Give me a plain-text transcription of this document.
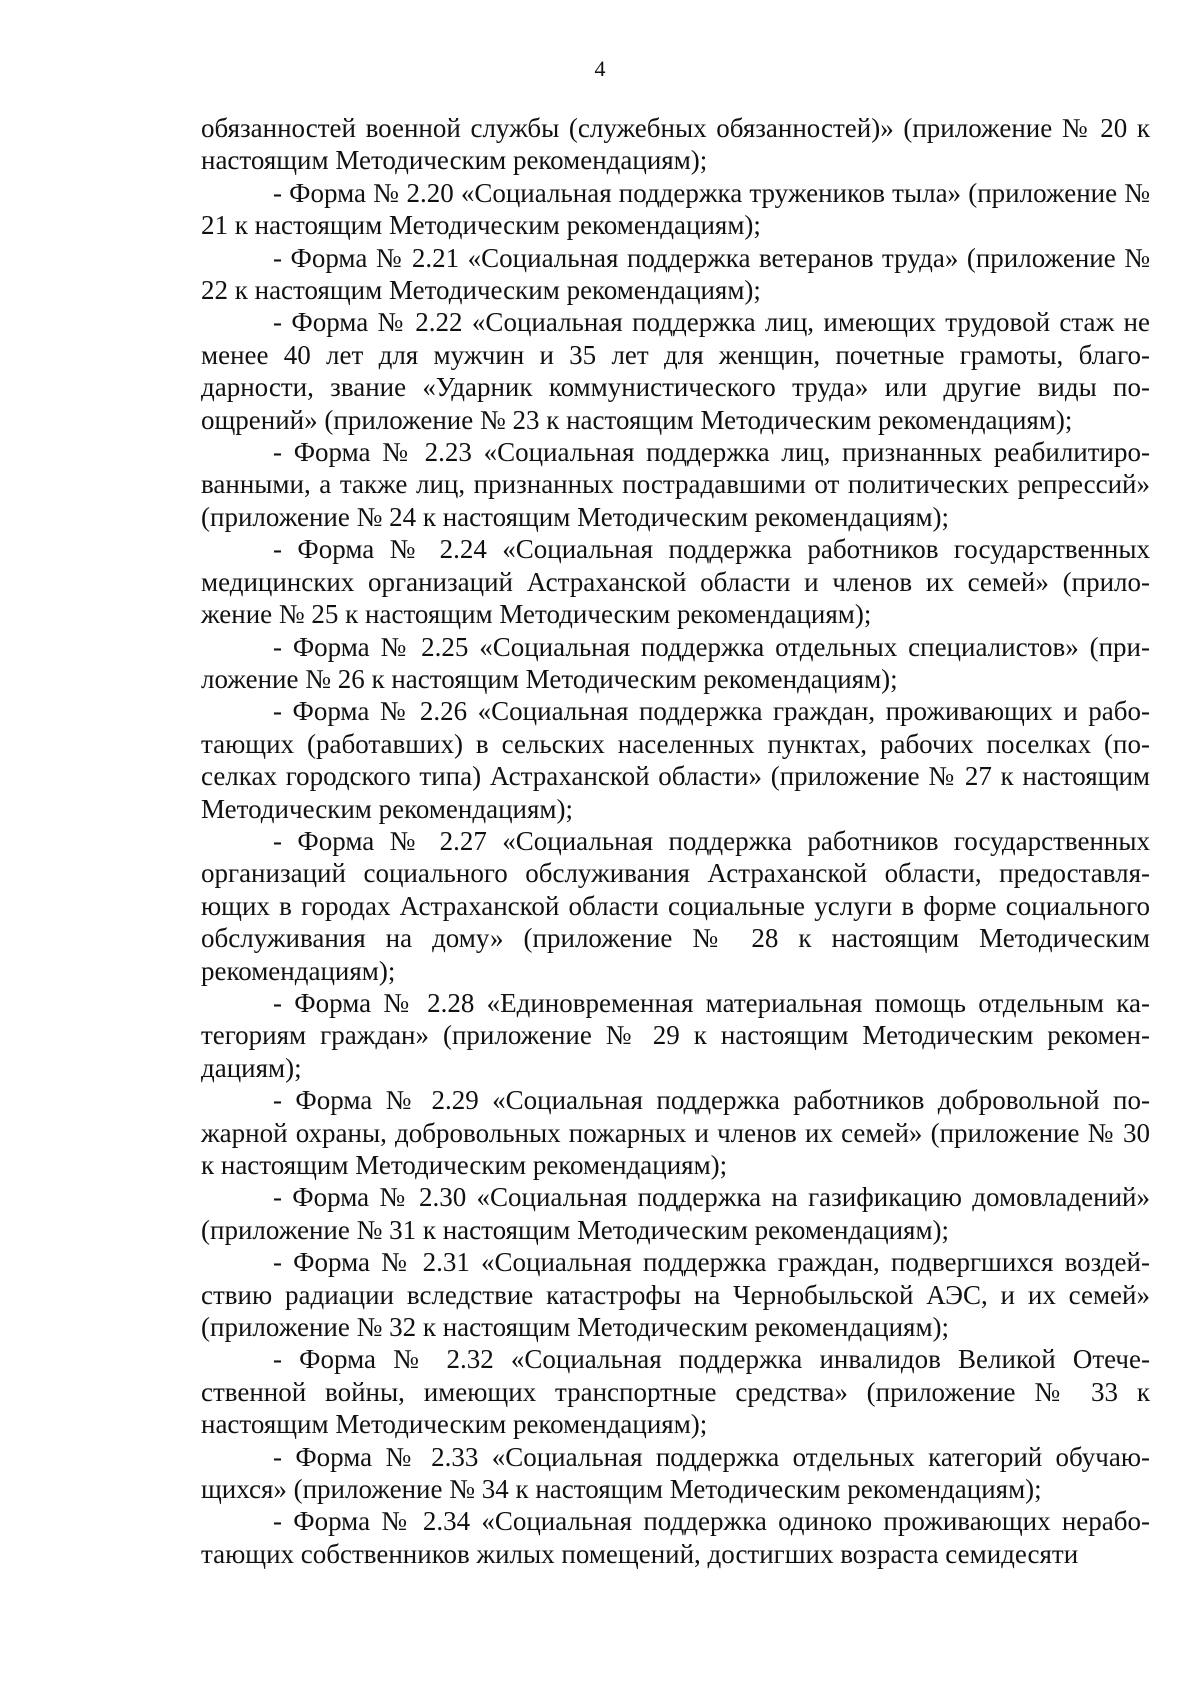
4

обязанностей военной службы (служебных обязанностей)» (приложение № 20 к настоящим Методическим рекомендациям);

- Форма № 2.20 «Социальная поддержка тружеников тыла» (приложение № 21 к настоящим Методическим рекомендациям);

- Форма № 2.21 «Социальная поддержка ветеранов труда» (приложение № 22 к настоящим Методическим рекомендациям);

- Форма № 2.22 «Социальная поддержка лиц, имеющих трудовой стаж не менее 40 лет для мужчин и 35 лет для женщин, почетные грамоты, благодарности, звание «Ударник коммунистического труда» или другие виды поощрений» (приложение № 23 к настоящим Методическим рекомендациям);

- Форма № 2.23 «Социальная поддержка лиц, признанных реабилитированными, а также лиц, признанных пострадавшими от политических репрессий» (приложение № 24 к настоящим Методическим рекомендациям);

- Форма № 2.24 «Социальная поддержка работников государственных медицинских организаций Астраханской области и членов их семей» (приложение № 25 к настоящим Методическим рекомендациям);

- Форма № 2.25 «Социальная поддержка отдельных специалистов» (приложение № 26 к настоящим Методическим рекомендациям);

- Форма № 2.26 «Социальная поддержка граждан, проживающих и работающих (работавших) в сельских населенных пунктах, рабочих поселках (поселках городского типа) Астраханской области» (приложение № 27 к настоящим Методическим рекомендациям);

- Форма № 2.27 «Социальная поддержка работников государственных организаций социального обслуживания Астраханской области, предоставляющих в городах Астраханской области социальные услуги в форме социального обслуживания на дому» (приложение № 28 к настоящим Методическим рекомендациям);

- Форма № 2.28 «Единовременная материальная помощь отдельным категориям граждан» (приложение № 29 к настоящим Методическим рекомендациям);

- Форма № 2.29 «Социальная поддержка работников добровольной пожарной охраны, добровольных пожарных и членов их семей» (приложение № 30 к настоящим Методическим рекомендациям);

- Форма № 2.30 «Социальная поддержка на газификацию домовладений» (приложение № 31 к настоящим Методическим рекомендациям);

- Форма № 2.31 «Социальная поддержка граждан, подвергшихся воздействию радиации вследствие катастрофы на Чернобыльской АЭС, и их семей» (приложение № 32 к настоящим Методическим рекомендациям);

- Форма № 2.32 «Социальная поддержка инвалидов Великой Отечественной войны, имеющих транспортные средства» (приложение № 33 к настоящим Методическим рекомендациям);

- Форма № 2.33 «Социальная поддержка отдельных категорий обучающихся» (приложение № 34 к настоящим Методическим рекомендациям);

- Форма № 2.34 «Социальная поддержка одиноко проживающих неработающих собственников жилых помещений, достигших возраста семидесяти
